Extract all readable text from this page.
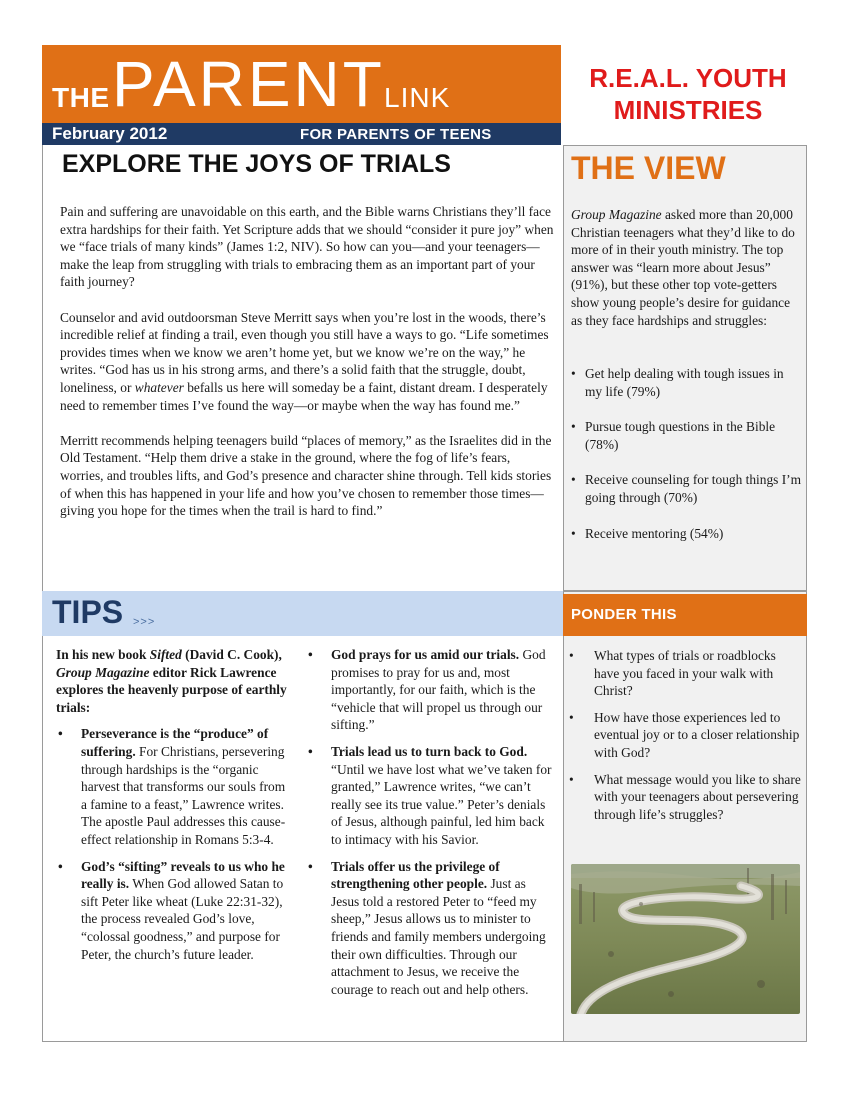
THE PARENT LINK
February 2012	FOR PARENTS OF TEENS
R.E.A.L. YOUTH
MINISTRIES
EXPLORE THE JOYS OF TRIALS

Pain and suffering are unavoidable on this earth, and the Bible warns Christians they’ll face extra hardships for their faith. Yet Scripture adds that we should “consider it pure joy” when we “face trials of many kinds” (James 1:2, NIV). So how can you—and your teenagers—make the leap from struggling with trials to embracing them as an important part of your faith journey?

Counselor and avid outdoorsman Steve Merritt says when you’re lost in the woods, there’s incredible relief at finding a trail, even though you still have a ways to go. “Life sometimes provides times when we know we aren’t home yet, but we know we’re on the way,” he writes. “God has us in his strong arms, and there’s a solid faith that the struggle, doubt, loneliness, or whatever befalls us here will someday be a faint, distant dream. I desperately need to remember times I’ve found the way—or maybe when the way has found me.”

Merritt recommends helping teenagers build “places of memory,” as the Israelites did in the Old Testament. “Help them drive a stake in the ground, where the fog of life’s fears, worries, and troubles lifts, and God’s presence and character shine through. Tell kids stories of when this has happened in your life and how you’ve chosen to remember those times—giving you hope for the times when the trail is hard to find.”

THE VIEW
Group Magazine asked more than 20,000 Christian teenagers what they’d like to do more of in their youth ministry. The top answer was “learn more about Jesus” (91%), but these other top vote-getters show young people’s desire for guidance as they face hardships and struggles:
• Get help dealing with tough issues in my life (79%)
• Pursue tough questions in the Bible (78%)
• Receive counseling for tough things I’m going through (70%)
• Receive mentoring (54%)
TIPS >>>

In his new book Sifted (David C. Cook), Group Magazine editor Rick Lawrence explores the heavenly purpose of earthly trials:

• Perseverance is the “produce” of suffering. For Christians, persevering through hardships is the “organic harvest that transforms our souls from a famine to a feast,” Lawrence writes. The apostle Paul addresses this cause-effect relationship in Romans 5:3-4.
• God’s “sifting” reveals to us who he really is. When God allowed Satan to sift Peter like wheat (Luke 22:31-32), the process revealed God’s love, “colossal goodness,” and purpose for Peter, the church’s future leader.
• God prays for us amid our trials. God promises to pray for us and, most importantly, for our faith, which is the “vehicle that will propel us through our sifting.”
• Trials lead us to turn back to God. “Until we have lost what we’ve taken for granted,” Lawrence writes, “we can’t really see its true value.” Peter’s denials of Jesus, although painful, led him back to intimacy with his Savior.
• Trials offer us the privilege of strengthening other people. Just as Jesus told a restored Peter to “feed my sheep,” Jesus allows us to minister to friends and family members undergoing their own difficulties. Through our attachment to Jesus, we receive the courage to reach out and help others.
PONDER THIS
• What types of trials or roadblocks have you faced in your walk with Christ?
• How have those experiences led to eventual joy or to a closer relationship with God?
• What message would you like to share with your teenagers about persevering through life’s struggles?
